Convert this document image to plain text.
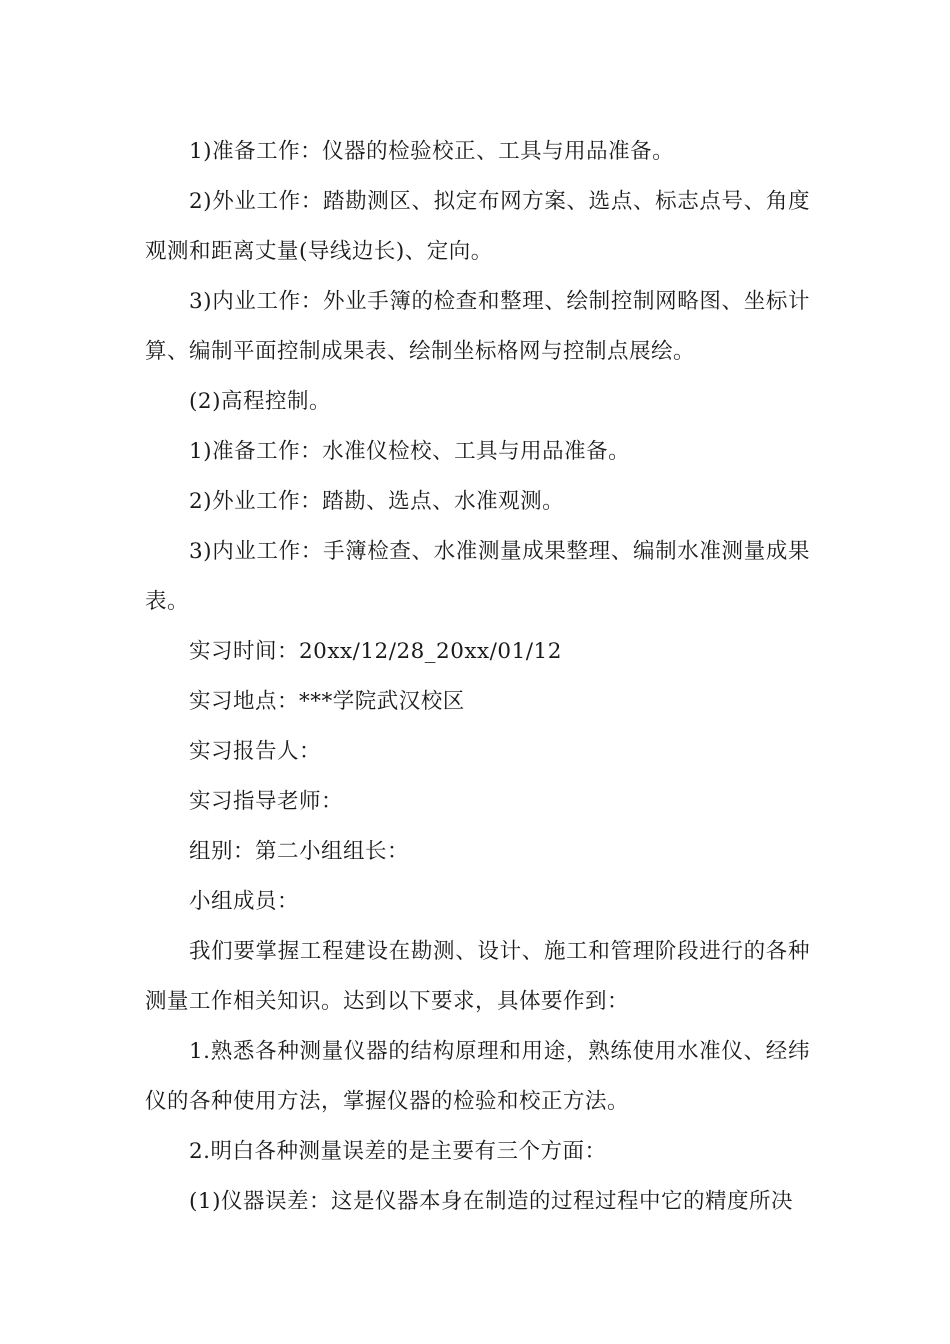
1)准备工作：仪器的检验校正、工具与用品准备。

2)外业工作：踏勘测区、拟定布网方案、选点、标志点号、角度观测和距离丈量(导线边长)、定向。

3)内业工作：外业手簿的检查和整理、绘制控制网略图、坐标计算、编制平面控制成果表、绘制坐标格网与控制点展绘。

(2)高程控制。

1)准备工作：水准仪检校、工具与用品准备。

2)外业工作：踏勘、选点、水准观测。

3)内业工作：手簿检查、水准测量成果整理、编制水准测量成果表。

实习时间：20xx/12/28_20xx/01/12

实习地点：***学院武汉校区

实习报告人：

实习指导老师：

组别：第二小组组长：

小组成员：

我们要掌握工程建设在勘测、设计、施工和管理阶段进行的各种测量工作相关知识。达到以下要求，具体要作到：

1.熟悉各种测量仪器的结构原理和用途，熟练使用水准仪、经纬仪的各种使用方法，掌握仪器的检验和校正方法。

2.明白各种测量误差的是主要有三个方面：

(1)仪器误差：这是仪器本身在制造的过程过程中它的精度所决
